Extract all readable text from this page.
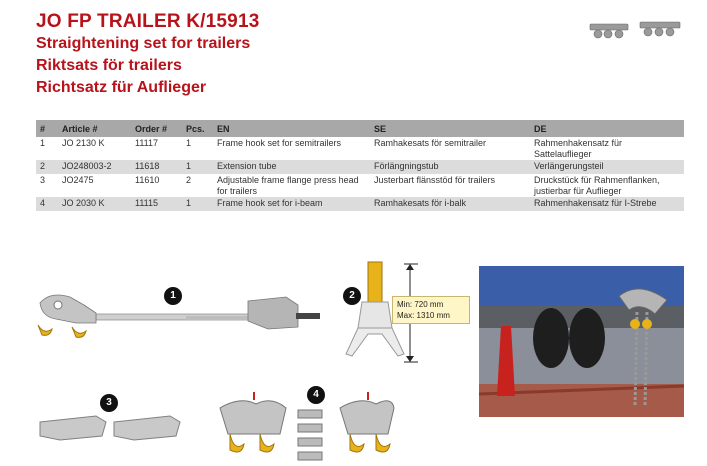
JO FP TRAILER K/15913

Straightening set for trailers

Riktsats för trailers

Richtsatz für Auflieger

#	Article #	Order #	Pcs.	EN	SE	DE
1	JO 2130 K	11117	1	Frame hook set for semitrailers	Ramhakesats för semitrailer	Rahmenhakensatz für Sattelauflieger
2	JO248003-2	11618	1	Extension tube	Förlängningstub	Verlängerungsteil
3	JO2475	11610	2	Adjustable frame flange press head for trailers	Justerbart flänsstöd för trailers	Druckstück für Rahmenflanken, justierbar für Auflieger
4	JO 2030 K	11115	1	Frame hook set for i-beam	Ramhakesats för i-balk	Rahmenhakensatz für I-Strebe
1	2
Min: 720 mm
Max: 1310 mm
3
4
